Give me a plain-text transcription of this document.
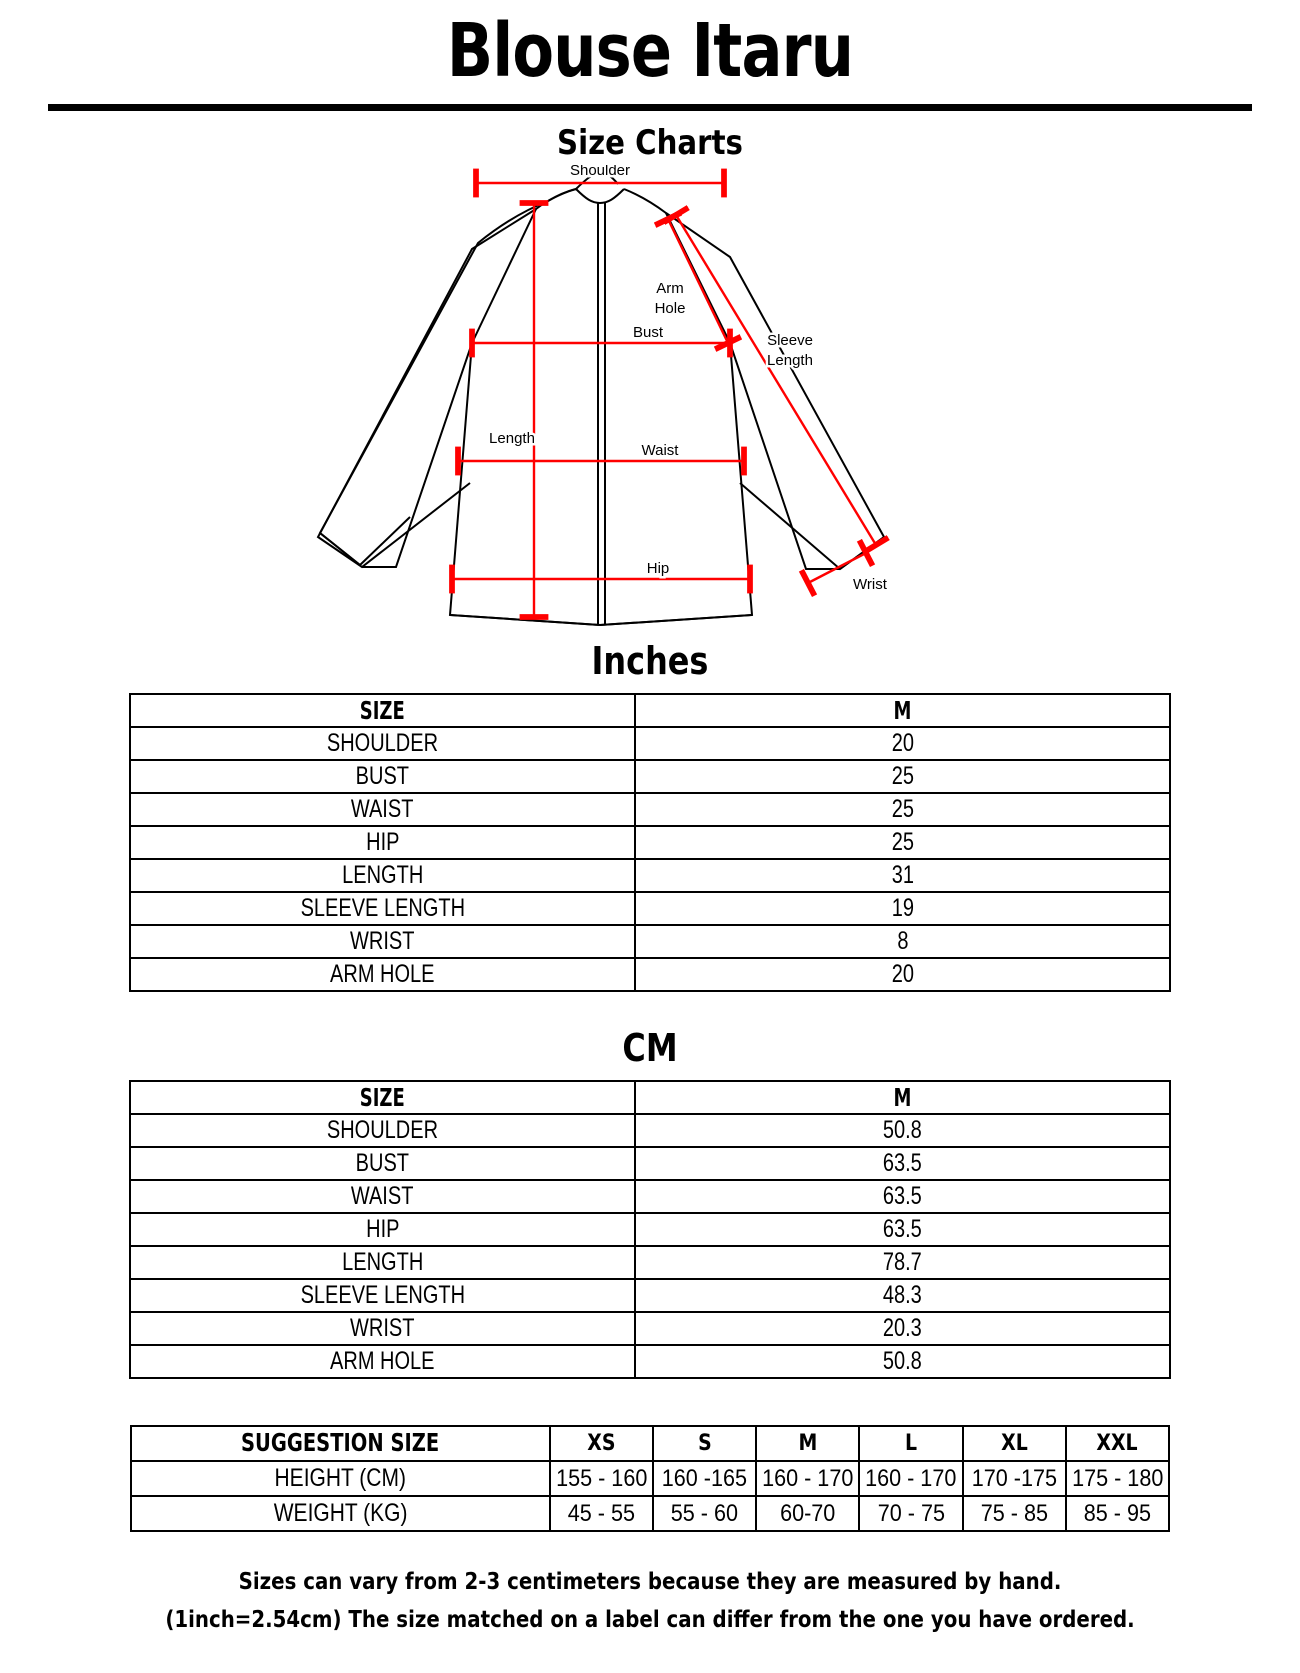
Blouse Itaru
Size Charts
Shoulder
Arm
Hole
Bust	Sleeve
Length
Length
Waist
Hip
Wrist
Inches
SIZE	M
SHOULDER	20
BUST	25
WAIST	25
HIP	25
LENGTH	31
SLEEVE LENGTH	19
WRIST	8
ARM HOLE	20
CM
SIZE	M
SHOULDER	50.8
BUST	63.5
WAIST	63.5
HIP	63.5
LENGTH	78.7
SLEEVE LENGTH	48.3
WRIST	20.3
ARM HOLE	50.8
SUGGESTION SIZE	XS	S	M	L	XL	XXL
HEIGHT (CM)	155 - 160	160 -165	160 - 170	160 - 170	170 -175	175 - 180
WEIGHT (KG)	45 - 55	55 - 60	60-70	70 - 75	75 - 85	85 - 95

Sizes can vary from 2-3 centimeters because they are measured by hand.

(1inch=2.54cm) The size matched on a label can differ from the one you have ordered.
